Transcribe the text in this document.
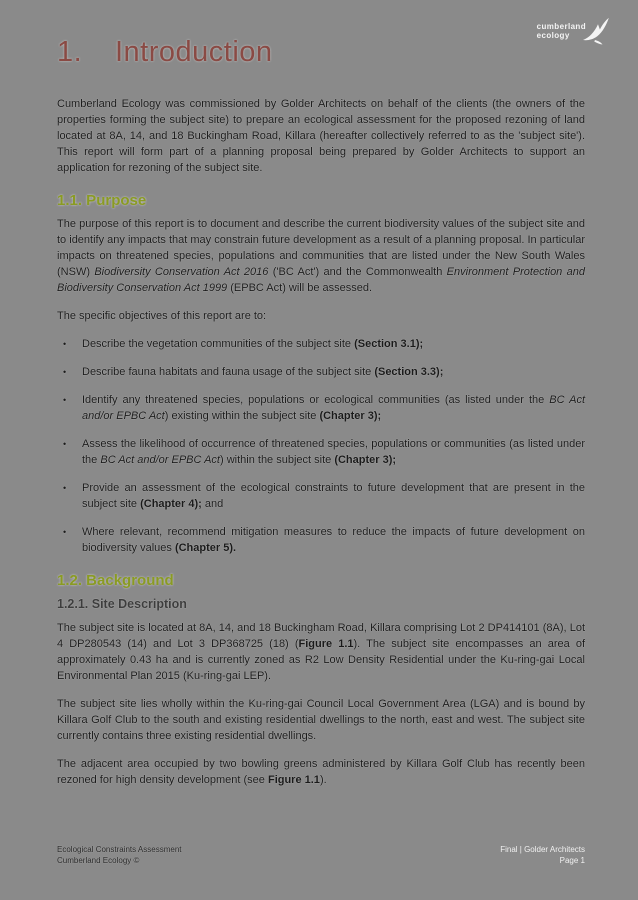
cumberland
ecology
1.	Introduction

Cumberland Ecology was commissioned by Golder Architects on behalf of the clients (the owners of the properties forming the subject site) to prepare an ecological assessment for the proposed rezoning of land located at 8A, 14, and 18 Buckingham Road, Killara (hereafter collectively referred to as the 'subject site'). This report will form part of a planning proposal being prepared by Golder Architects to support an application for rezoning of the subject site.

1.1. Purpose

The purpose of this report is to document and describe the current biodiversity values of the subject site and to identify any impacts that may constrain future development as a result of a planning proposal. In particular impacts on threatened species, populations and communities that are listed under the New South Wales (NSW) Biodiversity Conservation Act 2016 ('BC Act') and the Commonwealth Environment Protection and Biodiversity Conservation Act 1999 (EPBC Act) will be assessed.

The specific objectives of this report are to:

•	Describe the vegetation communities of the subject site (Section 3.1);
•	Describe fauna habitats and fauna usage of the subject site (Section 3.3);
•	Identify any threatened species, populations or ecological communities (as listed under the BC Act and/or EPBC Act) existing within the subject site (Chapter 3);
•	Assess the likelihood of occurrence of threatened species, populations or communities (as listed under the BC Act and/or EPBC Act) within the subject site (Chapter 3);
•	Provide an assessment of the ecological constraints to future development that are present in the subject site (Chapter 4); and
•	Where relevant, recommend mitigation measures to reduce the impacts of future development on biodiversity values (Chapter 5).
1.2. Background
1.2.1. Site Description

The subject site is located at 8A, 14, and 18 Buckingham Road, Killara comprising Lot 2 DP414101 (8A), Lot 4 DP280543 (14) and Lot 3 DP368725 (18) (Figure 1.1). The subject site encompasses an area of approximately 0.43 ha and is currently zoned as R2 Low Density Residential under the Ku-ring-gai Local Environmental Plan 2015 (Ku-ring-gai LEP).

The subject site lies wholly within the Ku-ring-gai Council Local Government Area (LGA) and is bound by Killara Golf Club to the south and existing residential dwellings to the north, east and west. The subject site currently contains three existing residential dwellings.

The adjacent area occupied by two bowling greens administered by Killara Golf Club has recently been rezoned for high density development (see Figure 1.1).

Ecological Constraints Assessment
Cumberland Ecology ©
Final | Golder Architects
Page 1
